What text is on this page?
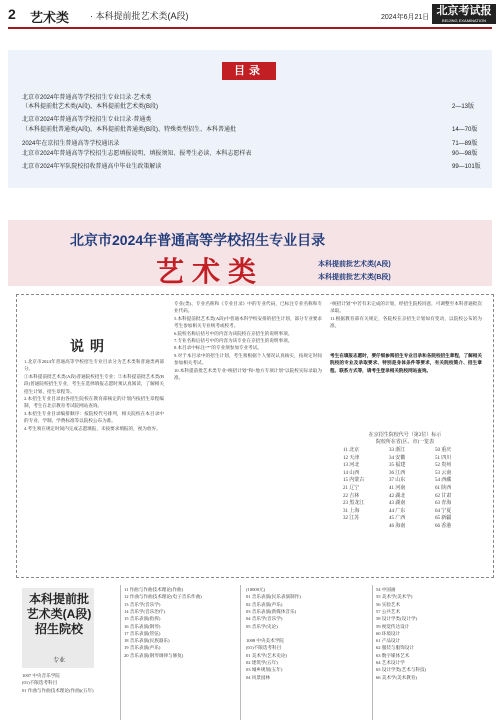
2 艺术类 · 本科提前批艺术类(A段)	2024年6月21日
北京考试报
BEIJING EXAMINATION
目录
北京市2024年普通高等学校招生专业目录·艺术类
（本科提前批艺术类(A段)、本科提前批艺术类(B段)	2—13版
北京市2024年普通高等学校招生专业目录·普通类
（本科提前批普通类(A段)、本科提前批普通类(B段)、特殊类型招生、本科普通批	14—70版
2024年在京招生普通高等学校通讯录	71—89版
北京市2024年普通高等学校招生志愿填报说明、填报须知、报考生必读、本科志愿样表	90—98版
北京市2024年军队院校招收普通高中毕业生政策解读	99—101版
北京市2024年普通高等学校招生专业目录
艺术类	本科提前批艺术类(A段)
本科提前批艺术类(B段)
说明

1.北京市2024年普通高等学校招生专业目录分为艺术类和普通类两部分。

①本科提前批艺术类(A段)普通院校招生专业；②本科提前批艺术类(B段)普通院校招生专业，考生在选择填报志愿时须认真阅读，了解相关招生计划、招生章程等。

2.本招生专业目录由各招生院校在教育部核定的计划内按招生章程编制，考生在北京教育考试院网站查询。

3.本招生专业目录编排顺序：按院校代号排列，相关院校在本目录中的专业、学制、学费标准等以院校公布为准。

4.考生须在规定时间内完成志愿填报，未按要求填报的，视为放弃。

专业(类)、专业名称和《专业目录》中的专业代码，已标注专业名称和专业代码。

5.本科提前批艺术类(A段)中普通本科学校安排的招生计划，部分专业要求考生参加相关专业统考或校考。

6.院校名称后括号中的内容为该院校在京招生的说明事项。

7.专业名称后括号中的内容为该专业在京招生的说明事项。

8.本目录中标注“*”的专业须参加专业考试。

9.对于本目录中的招生计划，考生须根据个人情况认真核实，按规定时间参加相关考试。

10.本科提前批艺术类专业“统招计划”和“地方专项计划”以院校实际录取为准。

“统招计划”中若有未完成的计划，经招生院校同意，可调整至本科普通批次录取。

11.根据教育部有关规定，各院校在京招生计划如有变动，以院校公布的为准。

考生在填报志愿时，要仔细参阅招生专业目录和各院校招生章程，了解相关院校的专业及录取要求、特别是身体条件等要求，有关院校简介、招生章程、联系方式等，请考生登录相关院校网站查询。
在京招生院校代号（第2位）标示
院校所在省(区、市)一览表
11 北京	33 浙江	50 重庆
12 天津	34 安徽	51 四川
13 河北	35 福建	52 贵州
14 山西	36 江西	53 云南
15 内蒙古	37 山东	54 西藏
21 辽宁	41 河南	61 陕西
22 吉林	42 湖北	62 甘肃
23 黑龙江	43 湖南	63 青海
31 上海	44 广东	64 宁夏
32 江苏	45 广西	65 新疆
46 海南	66 香港
本科提前批
艺术类(A段)
招生院校
专业
1007 中央音乐学院
(01)不限选考科目
01 作曲与作曲技术理论(作曲)(五年)
11 作曲与作曲技术理论(作曲)
12 作曲与作曲技术理论(电子音乐作曲)
13 音乐学(音乐学)
14 音乐学(音乐治疗)
15 音乐表演(指挥)
16 音乐表演(钢琴)
17 音乐表演(管弦)
18 音乐表演(民族器乐)
19 音乐表演(声乐)
20 音乐表演(钢琴调律与修复)
(10000元)
01 音乐表演(民乐表演制作)
02 音乐表演(声乐)
03 音乐表演(新媒体音乐)
04 音乐学(音乐学)
05 音乐学(史论)
1008 中央美术学院
(01)不限选考科目
01 美术学(艺术史论)
02 建筑学(五年)
03 城乡规划(五年)
04 风景园林
54 中国画
55 美术学(美术学)
56 实验艺术
57 公共艺术
58 设计学类(设计学)
59 视觉传达设计
60 环境设计
61 产品设计
62 服装与服饰设计
63 数字媒体艺术
64 艺术设计学
65 设计学类(艺术与科技)
66 美术学(美术教育)
